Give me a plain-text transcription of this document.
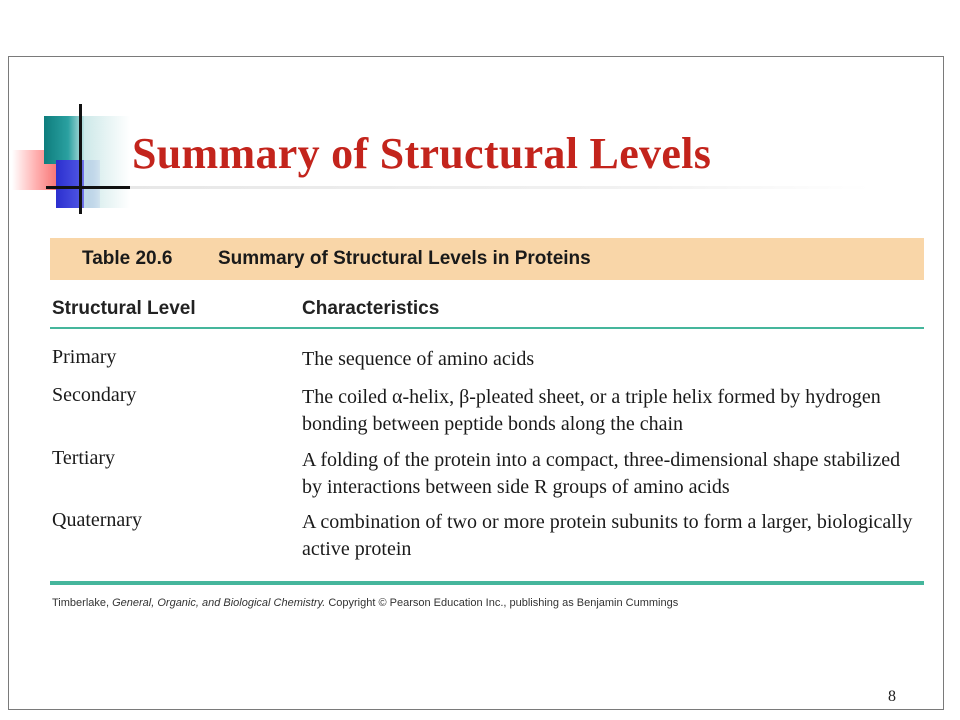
Summary of Structural Levels
Table 20.6 Summary of Structural Levels in Proteins
Structural Level	Characteristics
Primary	The sequence of amino acids
Secondary	The coiled α-helix, β-pleated sheet, or a triple helix formed by hydrogen bonding between peptide bonds along the chain
Tertiary	A folding of the protein into a compact, three-dimensional shape stabilized by interactions between side R groups of amino acids
Quaternary	A combination of two or more protein subunits to form a larger, biologically active protein
Timberlake, General, Organic, and Biological Chemistry. Copyright © Pearson Education Inc., publishing as Benjamin Cummings
8
